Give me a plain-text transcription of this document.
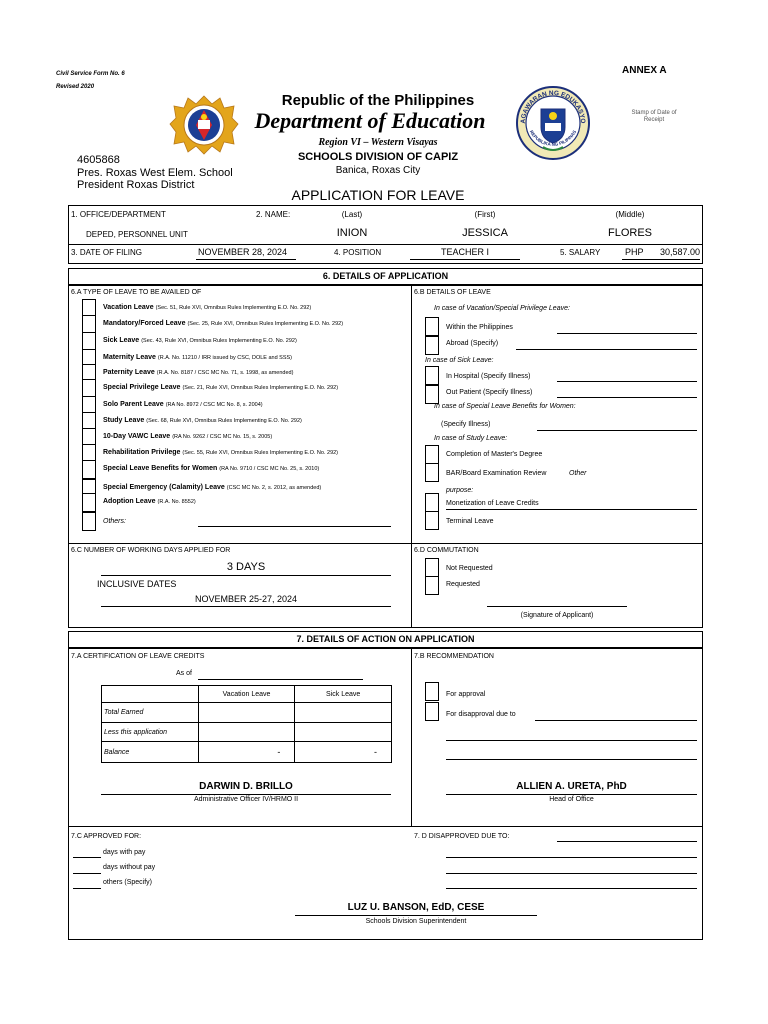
Civil Service Form No. 6
Revised 2020
ANNEX A
Stamp of Date of Receipt
AGAWARAN NG EDUKASYO
REPUBLIKA NG PILIPINAS
Republic of the Philippines
Department of Education
Region VI – Western Visayas
SCHOOLS DIVISION OF CAPIZ
Banica, Roxas City
4605868
Pres. Roxas West Elem. School
President Roxas District
APPLICATION FOR LEAVE
1. OFFICE/DEPARTMENT
DEPED, PERSONNEL UNIT
2. NAME:	(Last)	(First)	(Middle)
INION	JESSICA	FLORES
3. DATE OF FILING	NOVEMBER 28, 2024	4. POSITION	TEACHER I	5. SALARY	PHP	30,587.00
6. DETAILS OF APPLICATION
6.A TYPE OF LEAVE TO BE AVAILED OF
Vacation Leave (Sec. 51, Rule XVI, Omnibus Rules Implementing E.O. No. 292)
Mandatory/Forced Leave (Sec. 25, Rule XVI, Omnibus Rules Implementing E.O. No. 292)
Sick Leave (Sec. 43, Rule XVI, Omnibus Rules Implementing E.O. No. 292)
Maternity Leave (R.A. No. 11210 / IRR issued by CSC, DOLE and SSS)
Paternity Leave (R.A. No. 8187 / CSC MC No. 71, s. 1998, as amended)
Special Privilege Leave (Sec. 21, Rule XVI, Omnibus Rules Implementing E.O. No. 292)
Solo Parent Leave (RA No. 8972 / CSC MC No. 8, s. 2004)
Study Leave (Sec. 68, Rule XVI, Omnibus Rules Implementing E.O. No. 292)
10-Day VAWC Leave (RA No. 9262 / CSC MC No. 15, s. 2005)
Rehabilitation Privilege (Sec. 55, Rule XVI, Omnibus Rules Implementing E.O. No. 292)
Special Leave Benefits for Women (RA No. 9710 / CSC MC No. 25, s. 2010)
Special Emergency (Calamity) Leave (CSC MC No. 2, s. 2012, as amended)
Adoption Leave (R.A. No. 8552)
Others:
6.B DETAILS OF LEAVE
In case of Vacation/Special Privilege Leave:
Within the Philippines
Abroad (Specify)
In case of Sick Leave:
In Hospital (Specify Illness)
Out Patient (Specify Illness)
In case of Special Leave Benefits for Women:
(Specify Illness)
In case of Study Leave:
Completion of Master's Degree
BAR/Board Examination Review	Other
purpose:
Monetization of Leave Credits
Terminal Leave
6.C NUMBER OF WORKING DAYS APPLIED FOR
3 DAYS
INCLUSIVE DATES
NOVEMBER 25-27, 2024
6.D COMMUTATION
Not Requested
Requested
(Signature of Applicant)
7. DETAILS OF ACTION ON APPLICATION
7.A CERTIFICATION OF LEAVE CREDITS
As of
	Vacation Leave	Sick Leave
Total Earned		
Less this application		
Balance	-	-
DARWIN D. BRILLO
Administrative Officer IV/HRMO II
7.B RECOMMENDATION
For approval
For disapproval due to
ALLIEN A. URETA, PhD
Head of Office
7.C APPROVED FOR:
days with pay
days without pay
others (Specify)
7. D DISAPPROVED DUE TO:
LUZ U. BANSON, EdD, CESE
Schools Division Superintendent
